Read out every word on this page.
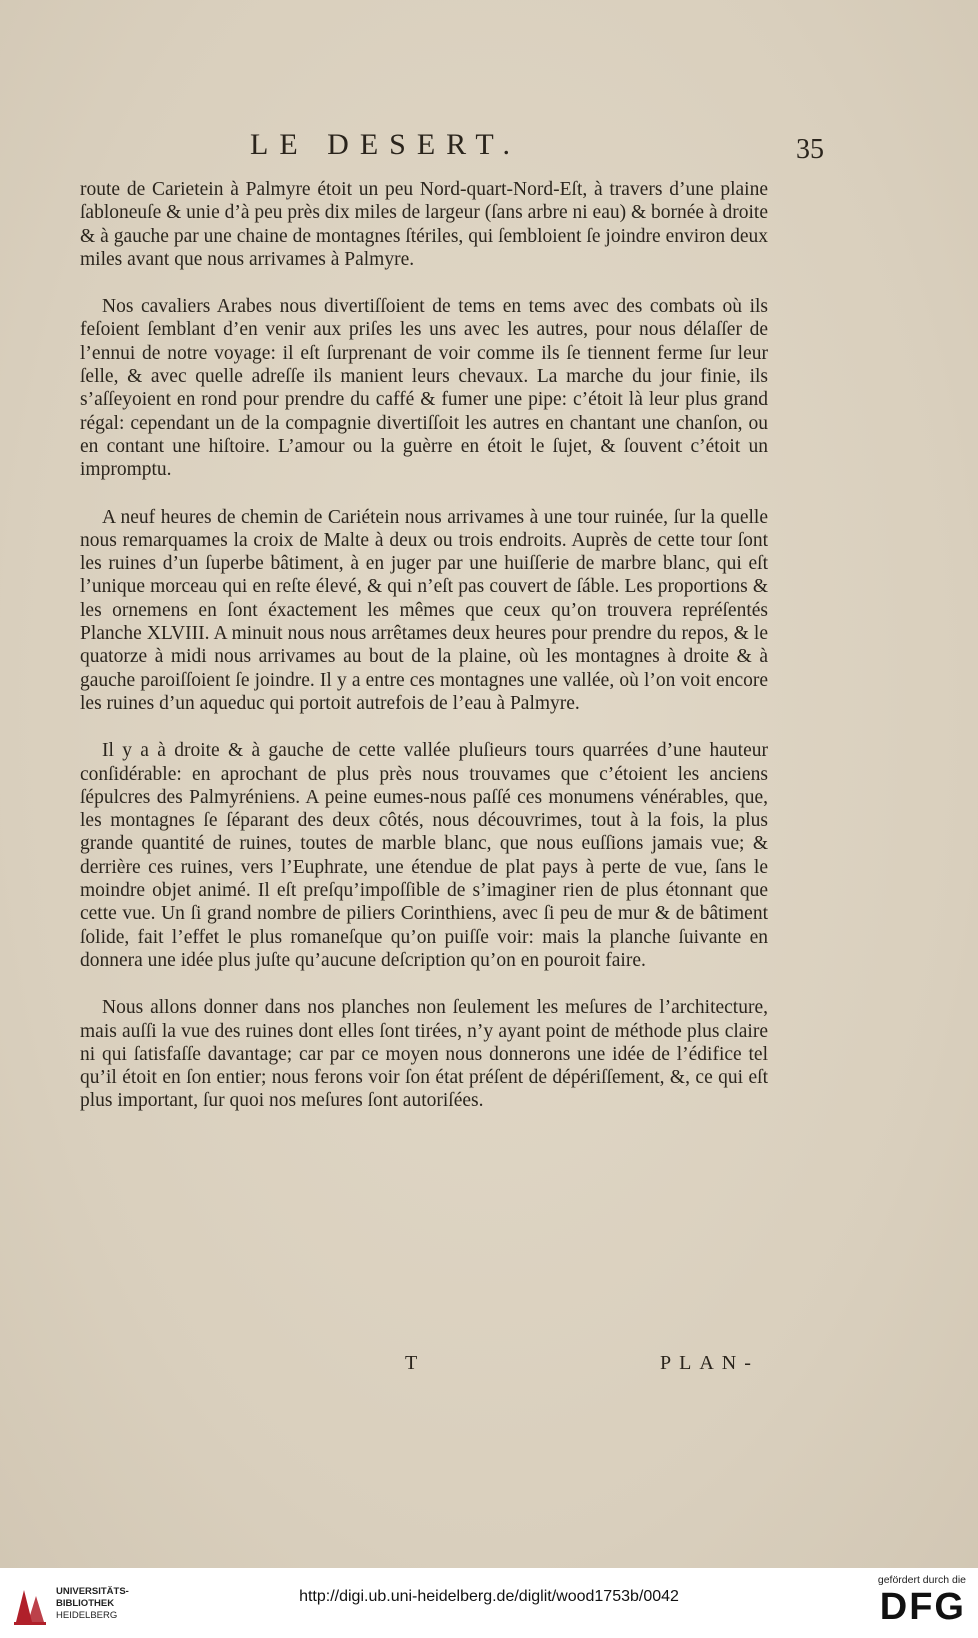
LE DESERT.	35

route de Carietein à Palmyre étoit un peu Nord-quart-Nord-Eſt, à travers d’une plaine ſabloneuſe & unie d’à peu près dix miles de largeur (ſans arbre ni eau) & bornée à droite & à gauche par une chaine de montagnes ſtériles, qui ſembloient ſe joindre environ deux miles avant que nous arrivames à Palmyre.

Nos cavaliers Arabes nous divertiſſoient de tems en tems avec des combats où ils feſoient ſemblant d’en venir aux priſes les uns avec les autres, pour nous délaſſer de l’ennui de notre voyage: il eſt ſurprenant de voir comme ils ſe tiennent ferme ſur leur ſelle, & avec quelle adreſſe ils manient leurs chevaux. La marche du jour finie, ils s’aſſeyoient en rond pour prendre du caffé & fumer une pipe: c’étoit là leur plus grand régal: cependant un de la compagnie divertiſſoit les autres en chantant une chanſon, ou en contant une hiſtoire. L’amour ou la guèrre en étoit le ſujet, & ſouvent c’étoit un impromptu.

A neuf heures de chemin de Cariétein nous arrivames à une tour ruinée, ſur la quelle nous remarquames la croix de Malte à deux ou trois endroits. Auprès de cette tour ſont les ruines d’un ſuperbe bâtiment, à en juger par une huiſſerie de marbre blanc, qui eſt l’unique morceau qui en reſte élevé, & qui n’eſt pas couvert de ſáble. Les proportions & les ornemens en ſont éxactement les mêmes que ceux qu’on trouvera repréſentés Planche XLVIII. A minuit nous nous arrêtames deux heures pour prendre du repos, & le quatorze à midi nous arrivames au bout de la plaine, où les montagnes à droite & à gauche paroiſſoient ſe joindre. Il y a entre ces montagnes une vallée, où l’on voit encore les ruines d’un aqueduc qui portoit autrefois de l’eau à Palmyre.

Il y a à droite & à gauche de cette vallée pluſieurs tours quarrées d’une hauteur conſidérable: en aprochant de plus près nous trouvames que c’étoient les anciens ſépulcres des Palmyréniens. A peine eumes-nous paſſé ces monumens vénérables, que, les montagnes ſe ſéparant des deux côtés, nous découvrimes, tout à la fois, la plus grande quantité de ruines, toutes de marble blanc, que nous euſſions jamais vue; & derrière ces ruines, vers l’Euphrate, une étendue de plat pays à perte de vue, ſans le moindre objet animé. Il eſt preſqu’impoſſible de s’imaginer rien de plus étonnant que cette vue. Un ſi grand nombre de piliers Corinthiens, avec ſi peu de mur & de bâtiment ſolide, fait l’effet le plus romaneſque qu’on puiſſe voir: mais la planche ſuivante en donnera une idée plus juſte qu’aucune deſcription qu’on en pouroit faire.

Nous allons donner dans nos planches non ſeulement les meſures de l’architecture, mais auſſi la vue des ruines dont elles ſont tirées, n’y ayant point de méthode plus claire ni qui ſatisfaſſe davantage; car par ce moyen nous donnerons une idée de l’édifice tel qu’il étoit en ſon entier; nous ferons voir ſon état préſent de dépériſſement, &, ce qui eſt plus important, ſur quoi nos meſures ſont autoriſées.

T	PLAN-
UNIVERSITÄTS-
BIBLIOTHEK
HEIDELBERG
http://digi.ub.uni-heidelberg.de/diglit/wood1753b/0042
gefördert durch die
DFG
